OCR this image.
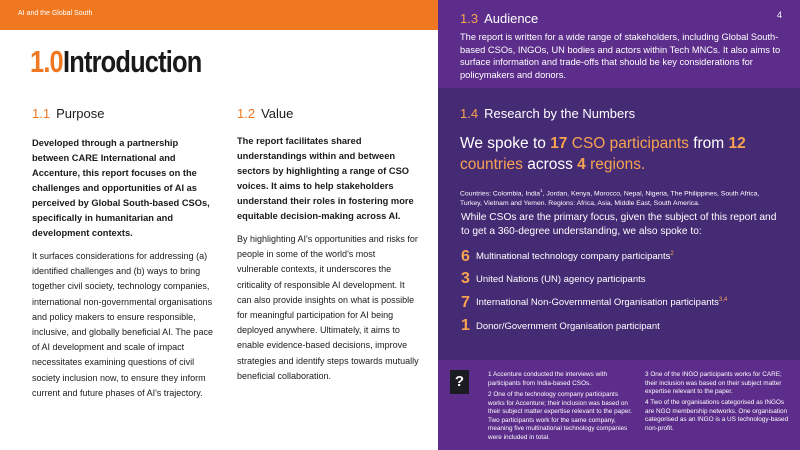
AI and the Global South
1.0 Introduction
1.1 Purpose
Developed through a partnership between CARE International and Accenture, this report focuses on the challenges and opportunities of AI as perceived by Global South-based CSOs, specifically in humanitarian and development contexts.
It surfaces considerations for addressing (a) identified challenges and (b) ways to bring together civil society, technology companies, international non-governmental organisations and policy makers to ensure responsible, inclusive, and globally beneficial AI. The pace of AI development and scale of impact necessitates examining questions of civil society inclusion now, to ensure they inform current and future phases of AI's trajectory.
1.2 Value
The report facilitates shared understandings within and between sectors by highlighting a range of CSO voices. It aims to help stakeholders understand their roles in fostering more equitable decision-making across AI.
By highlighting AI's opportunities and risks for people in some of the world's most vulnerable contexts, it underscores the criticality of responsible AI development. It can also provide insights on what is possible for meaningful participation for AI being deployed anywhere. Ultimately, it aims to enable evidence-based decisions, improve strategies and identify steps towards mutually beneficial collaboration.
4
1.3 Audience
The report is written for a wide range of stakeholders, including Global South-based CSOs, INGOs, UN bodies and actors within Tech MNCs. It also aims to surface information and trade-offs that should be key considerations for policymakers and donors.
1.4 Research by the Numbers
We spoke to 17 CSO participants from 12 countries across 4 regions.
Countries: Colombia, India$^1$, Jordan, Kenya, Morocco, Nepal, Nigeria, The Philippines, South Africa, Turkey, Vietnam and Yemen. Regions: Africa, Asia, Middle East, South America.
While CSOs are the primary focus, given the subject of this report and to get a 360-degree understanding, we also spoke to:
6 Multinational technology company participants$^2$
3 United Nations (UN) agency participants
7 International Non-Governmental Organisation participants$^{3,4}$
1 Donor/Government Organisation participant
?	1 Accenture conducted the interviews with participants from India-based CSOs.
2 One of the technology company participants works for Accenture; their inclusion was based on their subject matter expertise relevant to the paper. Two participants work for the same company, meaning five multinational technology companies were included in total.
3 One of the INGO participants works for CARE; their inclusion was based on their subject matter expertise relevant to the paper.
4 Two of the organisations categorised as INGOs are NGO membership networks. One organisation categorised as an INGO is a US technology-based non-profit.
